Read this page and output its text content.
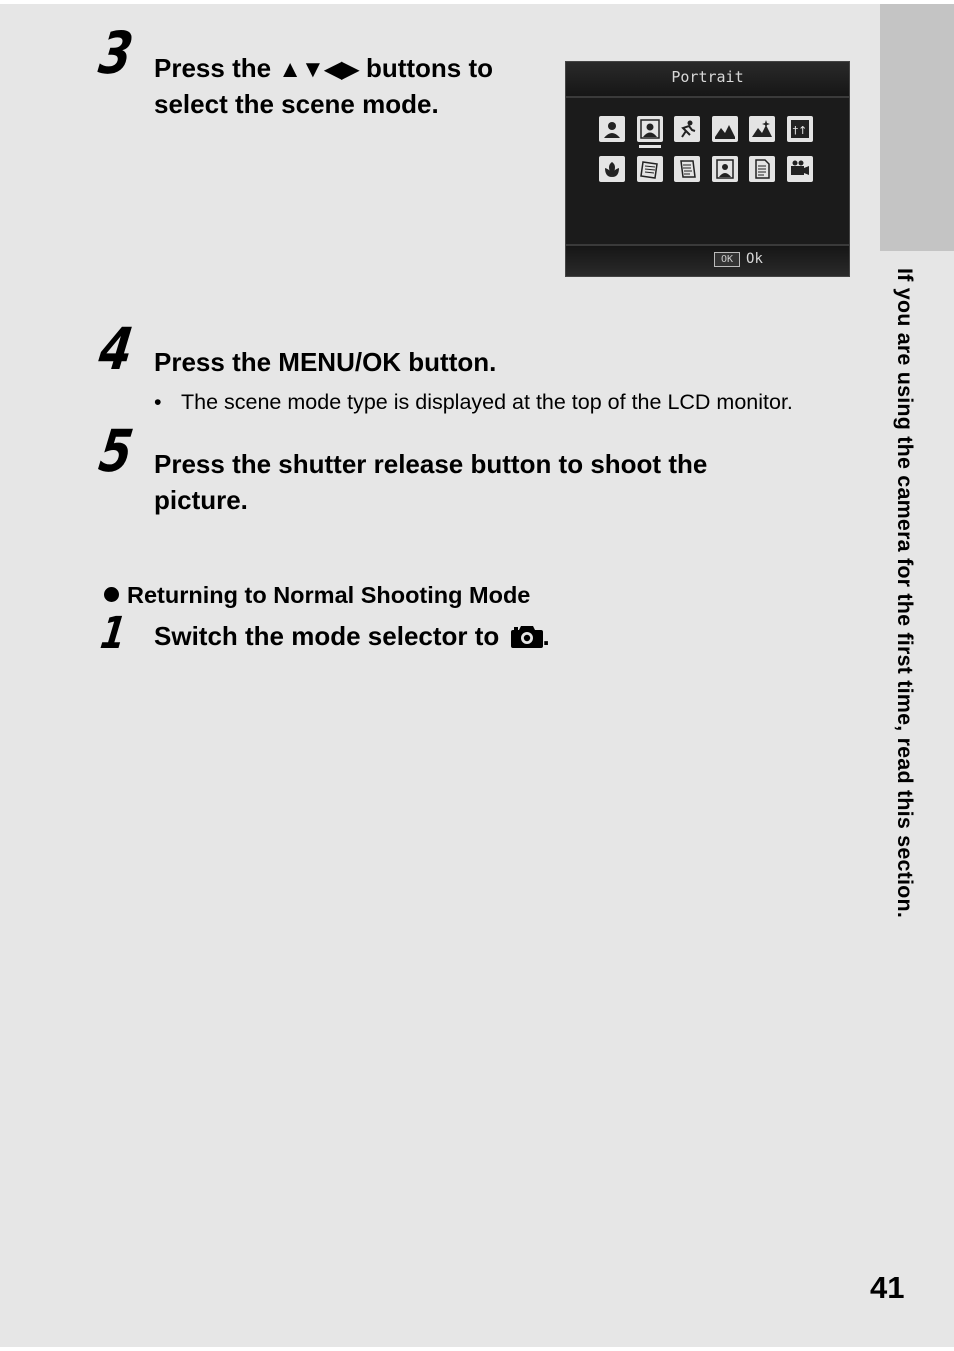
If you are using the camera for the first time, read this section.
3 Press the ▲▼◀▶ buttons to
select the scene mode.
Portrait
†↑
OK Ok
4 Press the MENU/OK button.
• The scene mode type is displayed at the top of the LCD monitor.
5 Press the shutter release button to shoot the
picture.
Returning to Normal Shooting Mode
1 Switch the mode selector to .
41
